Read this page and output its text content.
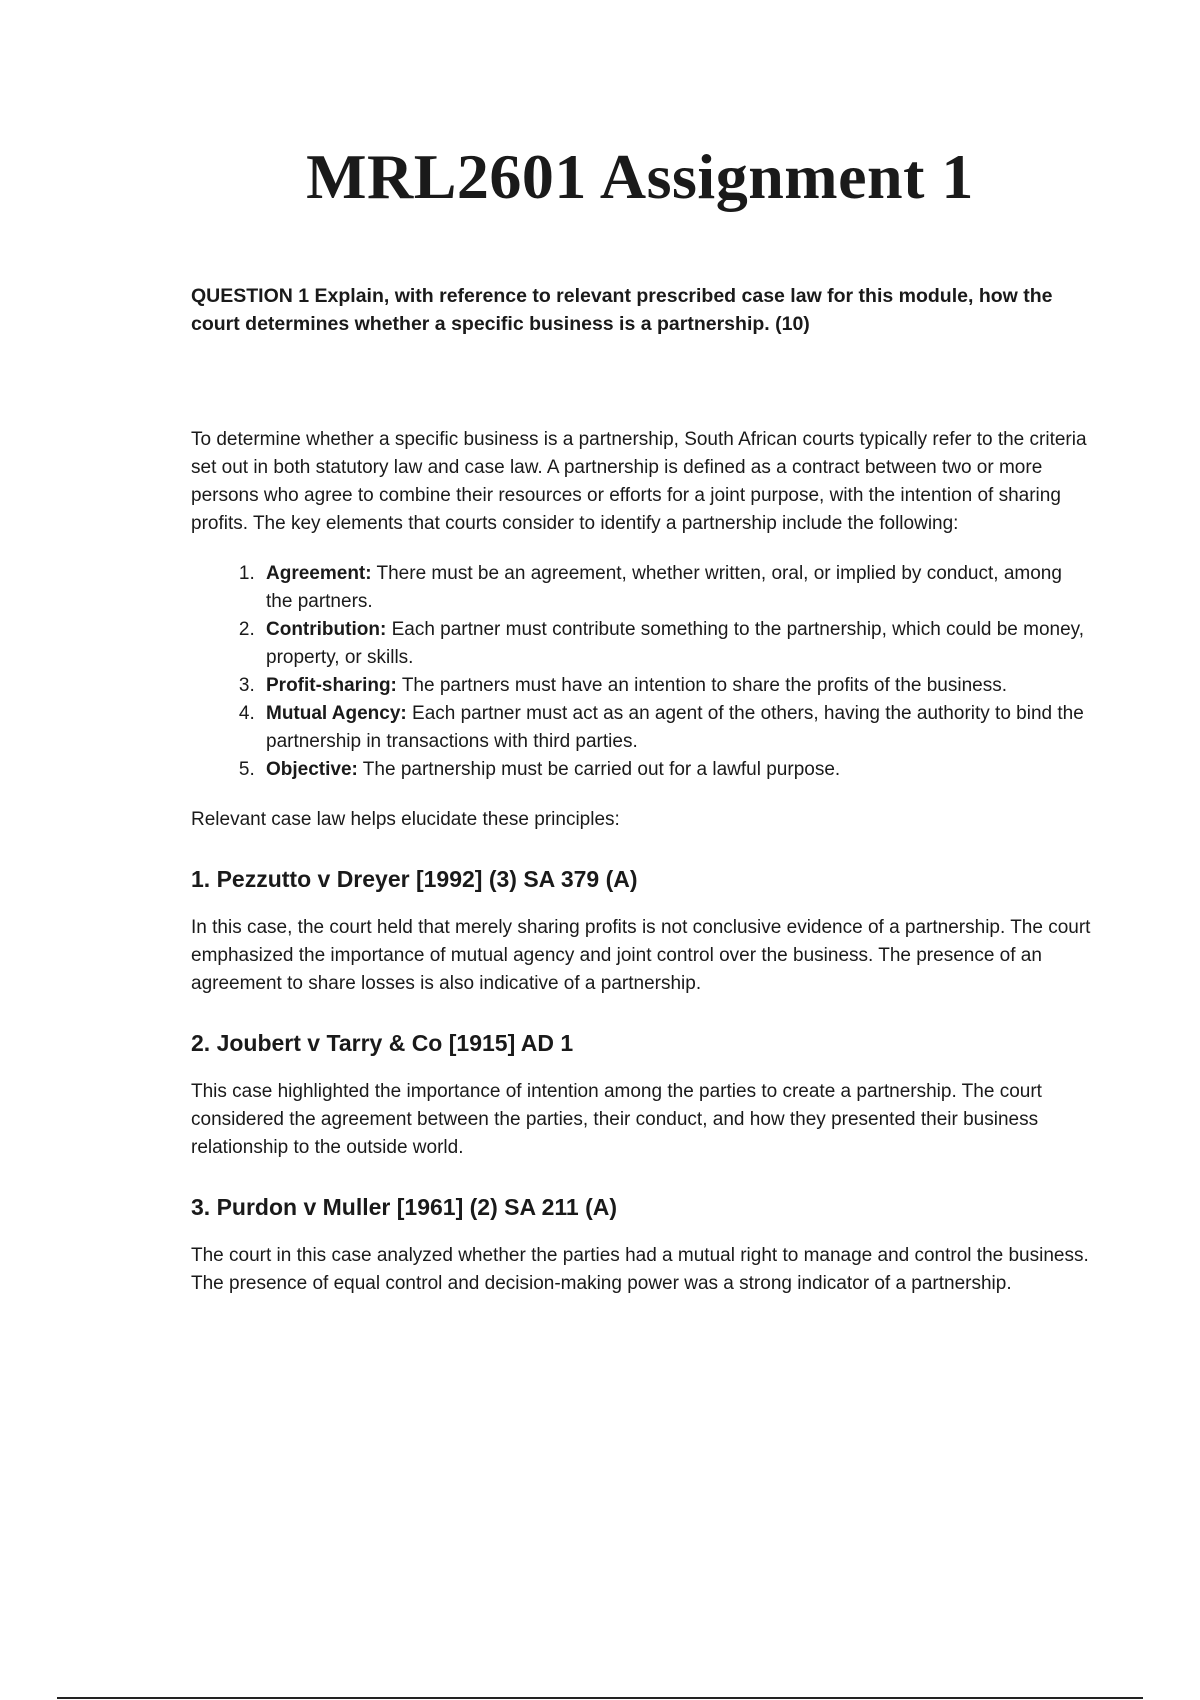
MRL2601 Assignment 1

QUESTION 1 Explain, with reference to relevant prescribed case law for this module, how the court determines whether a specific business is a partnership. (10)

To determine whether a specific business is a partnership, South African courts typically refer to the criteria set out in both statutory law and case law. A partnership is defined as a contract between two or more persons who agree to combine their resources or efforts for a joint purpose, with the intention of sharing profits. The key elements that courts consider to identify a partnership include the following:

1. Agreement: There must be an agreement, whether written, oral, or implied by conduct, among the partners.
2. Contribution: Each partner must contribute something to the partnership, which could be money, property, or skills.
3. Profit-sharing: The partners must have an intention to share the profits of the business.
4. Mutual Agency: Each partner must act as an agent of the others, having the authority to bind the partnership in transactions with third parties.
5. Objective: The partnership must be carried out for a lawful purpose.

Relevant case law helps elucidate these principles:

1. Pezzutto v Dreyer [1992] (3) SA 379 (A)

In this case, the court held that merely sharing profits is not conclusive evidence of a partnership. The court emphasized the importance of mutual agency and joint control over the business. The presence of an agreement to share losses is also indicative of a partnership.

2. Joubert v Tarry & Co [1915] AD 1

This case highlighted the importance of intention among the parties to create a partnership. The court considered the agreement between the parties, their conduct, and how they presented their business relationship to the outside world.

3. Purdon v Muller [1961] (2) SA 211 (A)

The court in this case analyzed whether the parties had a mutual right to manage and control the business. The presence of equal control and decision-making power was a strong indicator of a partnership.
